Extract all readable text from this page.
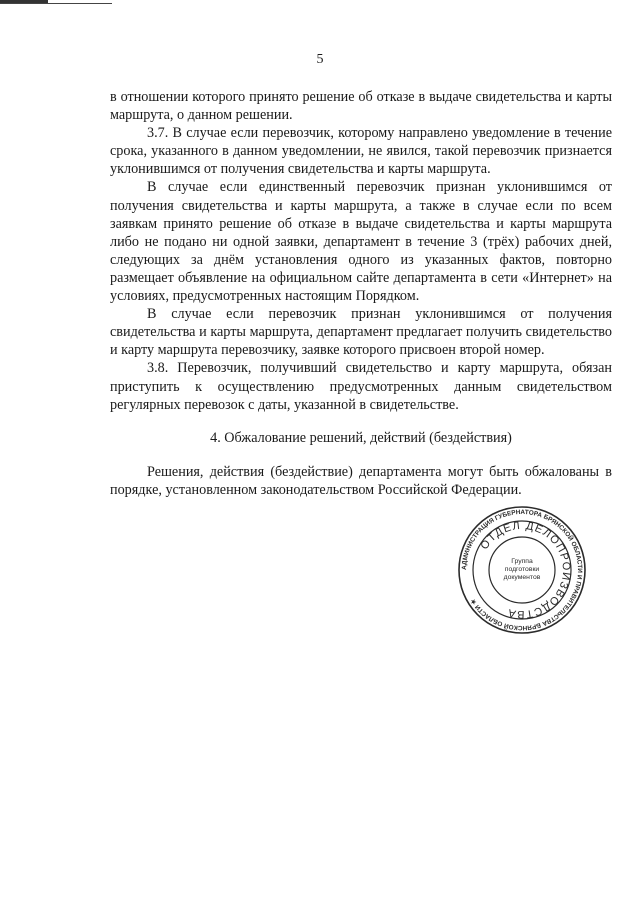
5

в отношении которого принято решение об отказе в выдаче свидетельства и карты маршрута, о данном решении.

3.7. В случае если перевозчик, которому направлено уведомление в течение срока, указанного в данном уведомлении, не явился, такой перевозчик признается уклонившимся от получения свидетельства и карты маршрута.

В случае если единственный перевозчик признан уклонившимся от получения свидетельства и карты маршрута, а также в случае если по всем заявкам принято решение об отказе в выдаче свидетельства и карты маршрута либо не подано ни одной заявки, департамент в течение 3 (трёх) рабочих дней, следующих за днём установления одного из указанных фактов, повторно размещает объявление на официальном сайте департамента в сети «Интернет» на условиях, предусмотренных настоящим Порядком.

В случае если перевозчик признан уклонившимся от получения свидетельства и карты маршрута, департамент предлагает получить свидетельство и карту маршрута перевозчику, заявке которого присвоен второй номер.

3.8. Перевозчик, получивший свидетельство и карту маршрута, обязан приступить к осуществлению предусмотренных данным свидетельством регулярных перевозок с даты, указанной в свидетельстве.

4. Обжалование решений, действий (бездействия)

Решения, действия (бездействие) департамента могут быть обжалованы в порядке, установленном законодательством Российской Федерации.

АДМИНИСТРАЦИЯ ГУБЕРНАТОРА БРЯНСКОЙ ОБЛАСТИ И ПРАВИТЕЛЬСТВА БРЯНСКОЙ ОБЛАСТИ ★
ОТДЕЛ ДЕЛОПРОИЗВОДСТВА
Группа
подготовки
документов
